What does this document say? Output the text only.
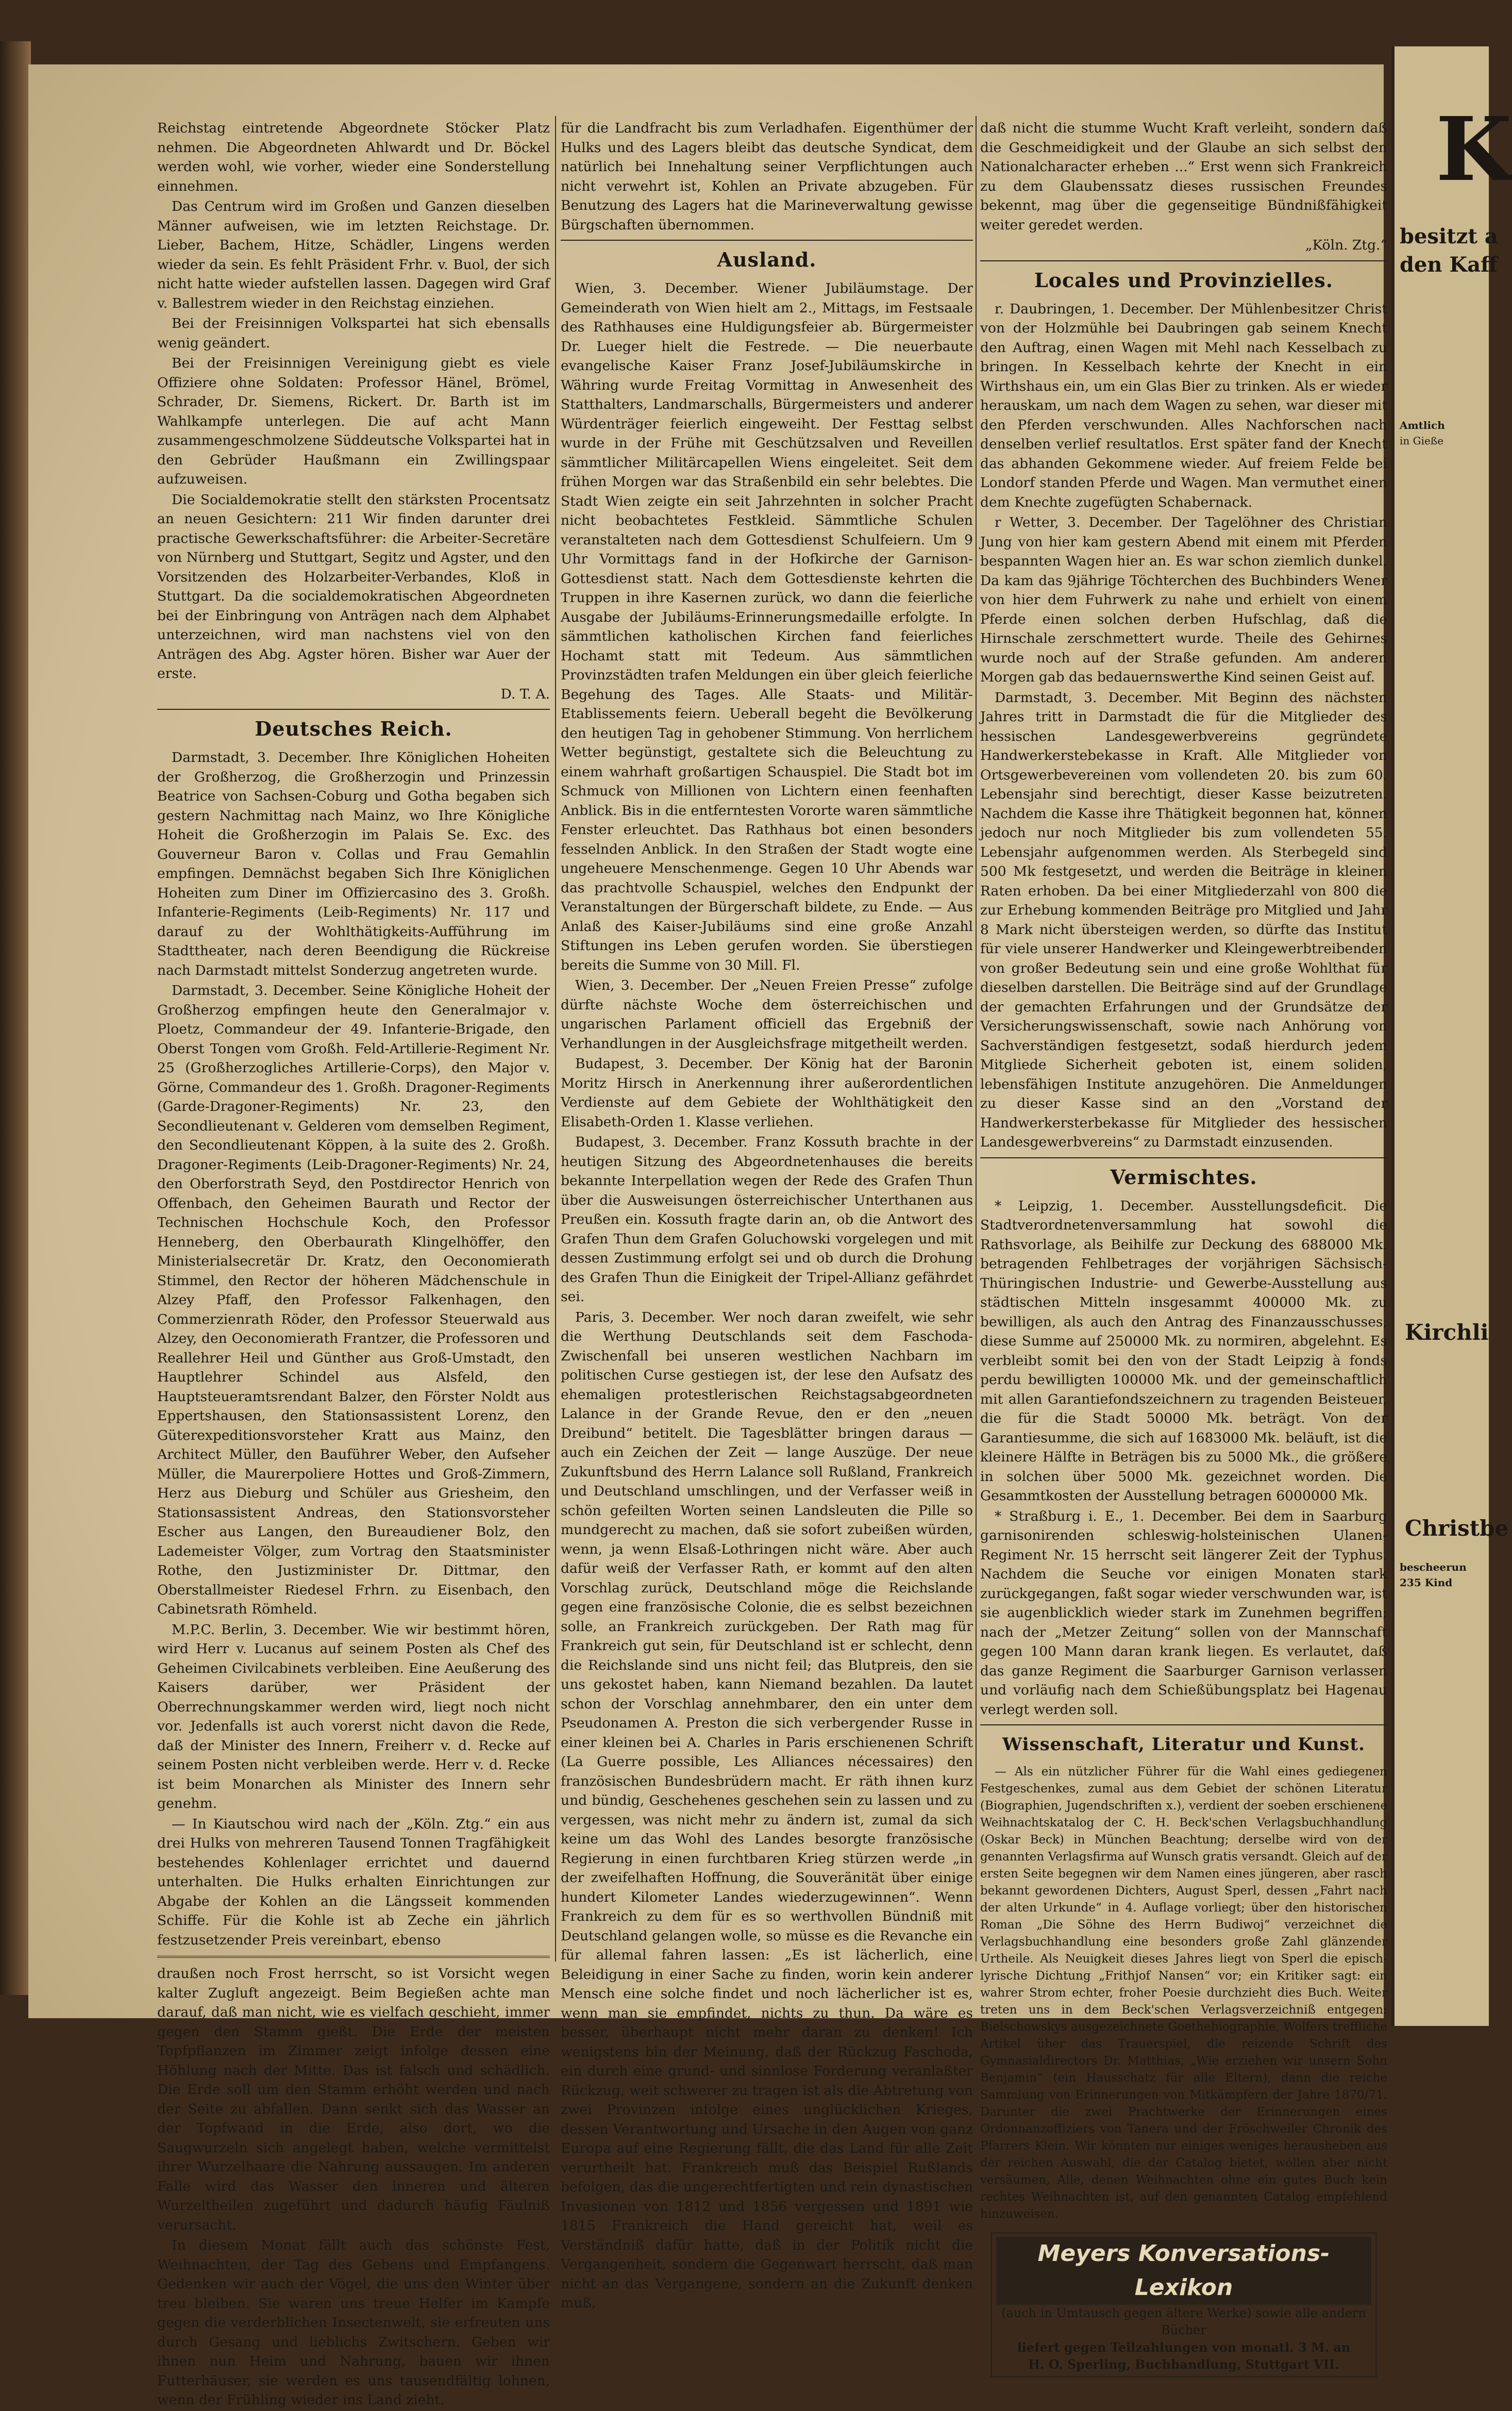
Reichstag eintretende Abgeordnete Stöcker Platz nehmen. Die Abgeordneten Ahlwardt und Dr. Böckel werden wohl, wie vorher, wieder eine Sonderstellung einnehmen.

Das Centrum wird im Großen und Ganzen dieselben Männer aufweisen, wie im letzten Reichstage. Dr. Lieber, Bachem, Hitze, Schädler, Lingens werden wieder da sein. Es fehlt Präsident Frhr. v. Buol, der sich nicht hatte wieder aufstellen lassen. Dagegen wird Graf v. Ballestrem wieder in den Reichstag einziehen.

Bei der Freisinnigen Volkspartei hat sich ebensalls wenig geändert.

Bei der Freisinnigen Vereinigung giebt es viele Offiziere ohne Soldaten: Professor Hänel, Brömel, Schrader, Dr. Siemens, Rickert. Dr. Barth ist im Wahlkampfe unterlegen. Die auf acht Mann zusammengeschmolzene Süddeutsche Volkspartei hat in den Gebrüder Haußmann ein Zwillingspaar aufzuweisen.

Die Socialdemokratie stellt den stärksten Procentsatz an neuen Gesichtern: 211 Wir finden darunter drei practische Gewerkschaftsführer: die Arbeiter-Secretäre von Nürnberg und Stuttgart, Segitz und Agster, und den Vorsitzenden des Holzarbeiter-Verbandes, Kloß in Stuttgart. Da die socialdemokratischen Abgeordneten bei der Einbringung von Anträgen nach dem Alphabet unterzeichnen, wird man nachstens viel von den Anträgen des Abg. Agster hören. Bisher war Auer der erste.

D. T. A.
Deutsches Reich.

Darmstadt, 3. December. Ihre Königlichen Hoheiten der Großherzog, die Großherzogin und Prinzessin Beatrice von Sachsen-Coburg und Gotha begaben sich gestern Nachmittag nach Mainz, wo Ihre Königliche Hoheit die Großherzogin im Palais Se. Exc. des Gouverneur Baron v. Collas und Frau Gemahlin empfingen. Demnächst begaben Sich Ihre Königlichen Hoheiten zum Diner im Offiziercasino des 3. Großh. Infanterie-Regiments (Leib-Regiments) Nr. 117 und darauf zu der Wohlthätigkeits-Aufführung im Stadttheater, nach deren Beendigung die Rückreise nach Darmstadt mittelst Sonderzug angetreten wurde.

Darmstadt, 3. December. Seine Königliche Hoheit der Großherzog empfingen heute den Generalmajor v. Ploetz, Commandeur der 49. Infanterie-Brigade, den Oberst Tongen vom Großh. Feld-Artillerie-Regiment Nr. 25 (Großherzogliches Artillerie-Corps), den Major v. Görne, Commandeur des 1. Großh. Dragoner-Regiments (Garde-Dragoner-Regiments) Nr. 23, den Secondlieutenant v. Gelderen vom demselben Regiment, den Secondlieutenant Köppen, à la suite des 2. Großh. Dragoner-Regiments (Leib-Dragoner-Regiments) Nr. 24, den Oberforstrath Seyd, den Postdirector Henrich von Offenbach, den Geheimen Baurath und Rector der Technischen Hochschule Koch, den Professor Henneberg, den Oberbaurath Klingelhöffer, den Ministerialsecretär Dr. Kratz, den Oeconomierath Stimmel, den Rector der höheren Mädchenschule in Alzey Pfaff, den Professor Falkenhagen, den Commerzienrath Röder, den Professor Steuerwald aus Alzey, den Oeconomierath Frantzer, die Professoren und Reallehrer Heil und Günther aus Groß-Umstadt, den Hauptlehrer Schindel aus Alsfeld, den Hauptsteueramtsrendant Balzer, den Förster Noldt aus Eppertshausen, den Stationsassistent Lorenz, den Güterexpeditionsvorsteher Kratt aus Mainz, den Architect Müller, den Bauführer Weber, den Aufseher Müller, die Maurerpoliere Hottes und Groß-Zimmern, Herz aus Dieburg und Schüler aus Griesheim, den Stationsassistent Andreas, den Stationsvorsteher Escher aus Langen, den Bureaudiener Bolz, den Lademeister Völger, zum Vortrag den Staatsminister Rothe, den Justizminister Dr. Dittmar, den Oberstallmeister Riedesel Frhrn. zu Eisenbach, den Cabinetsrath Römheld.

M.P.C. Berlin, 3. December. Wie wir bestimmt hören, wird Herr v. Lucanus auf seinem Posten als Chef des Geheimen Civilcabinets verbleiben. Eine Aeußerung des Kaisers darüber, wer Präsident der Oberrechnungskammer werden wird, liegt noch nicht vor. Jedenfalls ist auch vorerst nicht davon die Rede, daß der Minister des Innern, Freiherr v. d. Recke auf seinem Posten nicht verbleiben werde. Herr v. d. Recke ist beim Monarchen als Minister des Innern sehr genehm.

— In Kiautschou wird nach der „Köln. Ztg.“ ein aus drei Hulks von mehreren Tausend Tonnen Tragfähigkeit bestehendes Kohlenlager errichtet und dauernd unterhalten. Die Hulks erhalten Einrichtungen zur Abgabe der Kohlen an die Längsseit kommenden Schiffe. Für die Kohle ist ab Zeche ein jährlich festzusetzender Preis vereinbart, ebenso

draußen noch Frost herrscht, so ist Vorsicht wegen kalter Zugluft angezeigt. Beim Begießen achte man darauf, daß man nicht, wie es vielfach geschieht, immer gegen den Stamm gießt. Die Erde der meisten Topfpflanzen im Zimmer zeigt infolge dessen eine Höhlung nach der Mitte. Das ist falsch und schädlich. Die Erde soll um den Stamm erhöht werden und nach der Seite zu abfallen. Dann senkt sich das Wasser an der Topfwand in die Erde, also dort, wo die Saugwurzeln sich angelegt haben, welche vermittelst ihrer Wurzelhaare die Nahrung aussaugen. Im anderen Falle wird das Wasser den inneren und älteren Wurzeltheilen zugeführt und dadurch häufig Fäulniß verursacht.

In diesem Monat fällt auch das schönste Fest, Weihnachten, der Tag des Gebens und Empfangens. Gedenken wir auch der Vögel, die uns den Winter über treu bleiben. Sie waren uns treue Helfer im Kampfe gegen die verderblichen Insectenwelt, sie erfreuten uns durch Gesang und lieblichs Zwitschern. Geben wir ihnen nun Heim und Nahrung, bauen wir ihnen Futterhäuser, sie werden es uns tausendfältig lohnen, wenn der Frühling wieder ins Land zieht.

für die Landfracht bis zum Verladhafen. Eigenthümer der Hulks und des Lagers bleibt das deutsche Syndicat, dem natürlich bei Innehaltung seiner Verpflichtungen auch nicht verwehrt ist, Kohlen an Private abzugeben. Für Benutzung des Lagers hat die Marineverwaltung gewisse Bürgschaften übernommen.

Ausland.

Wien, 3. December. Wiener Jubiläumstage. Der Gemeinderath von Wien hielt am 2., Mittags, im Festsaale des Rathhauses eine Huldigungsfeier ab. Bürgermeister Dr. Lueger hielt die Festrede. — Die neuerbaute evangelische Kaiser Franz Josef-Jubiläumskirche in Währing wurde Freitag Vormittag in Anwesenheit des Statthalters, Landmarschalls, Bürgermeisters und anderer Würdenträger feierlich eingeweiht. Der Festtag selbst wurde in der Frühe mit Geschützsalven und Reveillen sämmtlicher Militärcapellen Wiens eingeleitet. Seit dem frühen Morgen war das Straßenbild ein sehr belebtes. Die Stadt Wien zeigte ein seit Jahrzehnten in solcher Pracht nicht beobachtetes Festkleid. Sämmtliche Schulen veranstalteten nach dem Gottesdienst Schulfeiern. Um 9 Uhr Vormittags fand in der Hofkirche der Garnison-Gottesdienst statt. Nach dem Gottesdienste kehrten die Truppen in ihre Kasernen zurück, wo dann die feierliche Ausgabe der Jubiläums-Erinnerungsmedaille erfolgte. In sämmtlichen katholischen Kirchen fand feierliches Hochamt statt mit Tedeum. Aus sämmtlichen Provinzstädten trafen Meldungen ein über gleich feierliche Begehung des Tages. Alle Staats- und Militär-Etablissements feiern. Ueberall begeht die Bevölkerung den heutigen Tag in gehobener Stimmung. Von herrlichem Wetter begünstigt, gestaltete sich die Beleuchtung zu einem wahrhaft großartigen Schauspiel. Die Stadt bot im Schmuck von Millionen von Lichtern einen feenhaften Anblick. Bis in die entferntesten Vororte waren sämmtliche Fenster erleuchtet. Das Rathhaus bot einen besonders fesselnden Anblick. In den Straßen der Stadt wogte eine ungeheuere Menschenmenge. Gegen 10 Uhr Abends war das prachtvolle Schauspiel, welches den Endpunkt der Veranstaltungen der Bürgerschaft bildete, zu Ende. — Aus Anlaß des Kaiser-Jubiläums sind eine große Anzahl Stiftungen ins Leben gerufen worden. Sie überstiegen bereits die Summe von 30 Mill. Fl.

Wien, 3. December. Der „Neuen Freien Presse“ zufolge dürfte nächste Woche dem österreichischen und ungarischen Parlament officiell das Ergebniß der Verhandlungen in der Ausgleichsfrage mitgetheilt werden.

Budapest, 3. December. Der König hat der Baronin Moritz Hirsch in Anerkennung ihrer außerordentlichen Verdienste auf dem Gebiete der Wohlthätigkeit den Elisabeth-Orden 1. Klasse verliehen.

Budapest, 3. December. Franz Kossuth brachte in der heutigen Sitzung des Abgeordnetenhauses die bereits bekannte Interpellation wegen der Rede des Grafen Thun über die Ausweisungen österreichischer Unterthanen aus Preußen ein. Kossuth fragte darin an, ob die Antwort des Grafen Thun dem Grafen Goluchowski vorgelegen und mit dessen Zustimmung erfolgt sei und ob durch die Drohung des Grafen Thun die Einigkeit der Tripel-Allianz gefährdet sei.

Paris, 3. December. Wer noch daran zweifelt, wie sehr die Werthung Deutschlands seit dem Faschoda-Zwischenfall bei unseren westlichen Nachbarn im politischen Curse gestiegen ist, der lese den Aufsatz des ehemaligen protestlerischen Reichstagsabgeordneten Lalance in der Grande Revue, den er den „neuen Dreibund“ betitelt. Die Tagesblätter bringen daraus — auch ein Zeichen der Zeit — lange Auszüge. Der neue Zukunftsbund des Herrn Lalance soll Rußland, Frankreich und Deutschland umschlingen, und der Verfasser weiß in schön gefeilten Worten seinen Landsleuten die Pille so mundgerecht zu machen, daß sie sofort zubeißen würden, wenn, ja wenn Elsaß-Lothringen nicht wäre. Aber auch dafür weiß der Verfasser Rath, er kommt auf den alten Vorschlag zurück, Deutschland möge die Reichslande gegen eine französische Colonie, die es selbst bezeichnen solle, an Frankreich zurückgeben. Der Rath mag für Frankreich gut sein, für Deutschland ist er schlecht, denn die Reichslande sind uns nicht feil; das Blutpreis, den sie uns gekostet haben, kann Niemand bezahlen. Da lautet schon der Vorschlag annehmbarer, den ein unter dem Pseudonamen A. Preston die sich verbergender Russe in einer kleinen bei A. Charles in Paris erschienenen Schrift (La Guerre possible, Les Alliances nécessaires) den französischen Bundesbrüdern macht. Er räth ihnen kurz und bündig, Geschehenes geschehen sein zu lassen und zu vergessen, was nicht mehr zu ändern ist, zumal da sich keine um das Wohl des Landes besorgte französische Regierung in einen furchtbaren Krieg stürzen werde „in der zweifelhaften Hoffnung, die Souveränität über einige hundert Kilometer Landes wiederzugewinnen“. Wenn Frankreich zu dem für es so werthvollen Bündniß mit Deutschland gelangen wolle, so müsse es die Revanche ein für allemal fahren lassen: „Es ist lächerlich, eine Beleidigung in einer Sache zu finden, worin kein anderer Mensch eine solche findet und noch lächerlicher ist es, wenn man sie empfindet, nichts zu thun. Da wäre es besser, überhaupt nicht mehr daran zu denken! Ich wenigstens bin der Meinung, daß der Rückzug Faschoda, ein durch eine grund- und sinnlose Forderung veranlaßter Rückzug, weit schwerer zu tragen ist als die Abtretung von zwei Provinzen infolge eines unglücklichen Krieges, dessen Verantwortung und Ursache in den Augen von ganz Europa auf eine Regierung fällt, die das Land für alle Zeit verurtheilt hat. Frankreich muß das Beispiel Rußlands befolgen, das die ungerechtfertigten und rein dynastischen Invasionen von 1812 und 1856 vergessen und 1891 wie 1815 Frankreich die Hand gereicht hat, weil es Verständniß dafür hatte, daß in der Politik nicht die Vergangenheit, sondern die Gegenwart herrscht, daß man nicht an das Vergangene, sondern an die Zukunft denken muß,

daß nicht die stumme Wucht Kraft verleiht, sondern daß die Geschmeidigkeit und der Glaube an sich selbst den Nationalcharacter erheben ...“ Erst wenn sich Frankreich zu dem Glaubenssatz dieses russischen Freundes bekennt, mag über die gegenseitige Bündnißfähigkeit weiter geredet werden.

„Köln. Ztg.“
Locales und Provinzielles.

r. Daubringen, 1. December. Der Mühlenbesitzer Christ von der Holzmühle bei Daubringen gab seinem Knecht den Auftrag, einen Wagen mit Mehl nach Kesselbach zu bringen. In Kesselbach kehrte der Knecht in ein Wirthshaus ein, um ein Glas Bier zu trinken. Als er wieder herauskam, um nach dem Wagen zu sehen, war dieser mit den Pferden verschwunden. Alles Nachforschen nach denselben verlief resultatlos. Erst später fand der Knecht das abhanden Gekommene wieder. Auf freiem Felde bei Londorf standen Pferde und Wagen. Man vermuthet einen dem Knechte zugefügten Schabernack.

r Wetter, 3. December. Der Tagelöhner des Christian Jung von hier kam gestern Abend mit einem mit Pferden bespannten Wagen hier an. Es war schon ziemlich dunkel. Da kam das 9jährige Töchterchen des Buchbinders Wener von hier dem Fuhrwerk zu nahe und erhielt von einem Pferde einen solchen derben Hufschlag, daß die Hirnschale zerschmettert wurde. Theile des Gehirnes wurde noch auf der Straße gefunden. Am anderen Morgen gab das bedauernswerthe Kind seinen Geist auf.

Darmstadt, 3. December. Mit Beginn des nächsten Jahres tritt in Darmstadt die für die Mitglieder des hessischen Landesgewerbvereins gegründete Handwerkerstebekasse in Kraft. Alle Mitglieder von Ortsgewerbevereinen vom vollendeten 20. bis zum 60. Lebensjahr sind berechtigt, dieser Kasse beizutreten. Nachdem die Kasse ihre Thätigkeit begonnen hat, können jedoch nur noch Mitglieder bis zum vollendeten 55. Lebensjahr aufgenommen werden. Als Sterbegeld sind 500 Mk festgesetzt, und werden die Beiträge in kleinen Raten erhoben. Da bei einer Mitgliederzahl von 800 die zur Erhebung kommenden Beiträge pro Mitglied und Jahr 8 Mark nicht übersteigen werden, so dürfte das Institut für viele unserer Handwerker und Kleingewerbtreibenden von großer Bedeutung sein und eine große Wohlthat für dieselben darstellen. Die Beiträge sind auf der Grundlage der gemachten Erfahrungen und der Grundsätze der Versicherungswissenschaft, sowie nach Anhörung von Sachverständigen festgesetzt, sodaß hierdurch jedem Mitgliede Sicherheit geboten ist, einem soliden, lebensfähigen Institute anzugehören. Die Anmeldungen zu dieser Kasse sind an den „Vorstand der Handwerkersterbekasse für Mitglieder des hessischen Landesgewerbvereins“ zu Darmstadt einzusenden.

Vermischtes.

* Leipzig, 1. December. Ausstellungsdeficit. Die Stadtverordnetenversammlung hat sowohl die Rathsvorlage, als Beihilfe zur Deckung des 688000 Mk. betragenden Fehlbetrages der vorjährigen Sächsisch-Thüringischen Industrie- und Gewerbe-Ausstellung aus städtischen Mitteln insgesammt 400000 Mk. zu bewilligen, als auch den Antrag des Finanzausschusses, diese Summe auf 250000 Mk. zu normiren, abgelehnt. Es verbleibt somit bei den von der Stadt Leipzig à fonds perdu bewilligten 100000 Mk. und der gemeinschaftlich mit allen Garantiefondszeichnern zu tragenden Beisteuer, die für die Stadt 50000 Mk. beträgt. Von der Garantiesumme, die sich auf 1683000 Mk. beläuft, ist die kleinere Hälfte in Beträgen bis zu 5000 Mk., die größere in solchen über 5000 Mk. gezeichnet worden. Die Gesammtkosten der Ausstellung betragen 6000000 Mk.

* Straßburg i. E., 1. December. Bei dem in Saarburg garnisonirenden schleswig-holsteinischen Ulanen-Regiment Nr. 15 herrscht seit längerer Zeit der Typhus. Nachdem die Seuche vor einigen Monaten stark zurückgegangen, faßt sogar wieder verschwunden war, ist sie augenblicklich wieder stark im Zunehmen begriffen; nach der „Metzer Zeitung“ sollen von der Mannschaft gegen 100 Mann daran krank liegen. Es verlautet, daß das ganze Regiment die Saarburger Garnison verlassen und vorläufig nach dem Schießübungsplatz bei Hagenau verlegt werden soll.

Wissenschaft, Literatur und Kunst.

— Als ein nützlicher Führer für die Wahl eines gediegenen Festgeschenkes, zumal aus dem Gebiet der schönen Literatur (Biographien, Jugendschriften x.), verdient der soeben erschienene Weihnachtskatalog der C. H. Beck'schen Verlagsbuchhandlung (Oskar Beck) in München Beachtung; derselbe wird von der genannten Verlagsfirma auf Wunsch gratis versandt. Gleich auf der ersten Seite begegnen wir dem Namen eines jüngeren, aber rasch bekannt gewordenen Dichters, August Sperl, dessen „Fahrt nach der alten Urkunde“ in 4. Auflage vorliegt; über den historischen Roman „Die Söhne des Herrn Budiwoj“ verzeichnet die Verlagsbuchhandlung eine besonders große Zahl glänzender Urtheile. Als Neuigkeit dieses Jahres liegt von Sperl die episch-lyrische Dichtung „Frithjof Nansen“ vor; ein Kritiker sagt: ein wahrer Strom echter, froher Poesie durchzieht dies Buch. Weiter treten uns in dem Beck'schen Verlagsverzeichniß entgegen: Bielschowskys ausgezeichnete Goethebiographie, Wolfers treffliche Artikel über das Trauerspiel, die reizende Schrift des Gymnasialdirectors Dr. Matthias, „Wie erziehen wir unsern Sohn Benjamin“ (ein Hausschatz für alle Eltern), dann die reiche Sammlung von Erinnerungen von Mitkämpfern der Jahre 1870/71. Darunter die zwei Prachtwerke der Erinnerungen eines Ordonnanzoffiziers von Tanera und der Fröschweiler Chronik des Pfarrers Klein. Wir könnten nur einiges weniges herausheben aus der reichen Auswahl, die der Catalog bietet, wollen aber nicht versäumen, Alle, denen Weihnachten ohne ein gutes Buch kein rechtes Weihnachten ist, auf den genannten Catalog empfehlend hinzuweisen.

Meyers Konversations-Lexikon
(auch in Umtausch gegen ältere Werke) sowie alle andern Bücher
liefert gegen Teilzahlungen von monatl. 3 M. an
H. O. Sperling, Buchhandlung, Stuttgart VII.
K
besitzt a
den Kaff
Amtlich
in Gieße
Kirchli
Christbe
bescheerun
235 Kind
